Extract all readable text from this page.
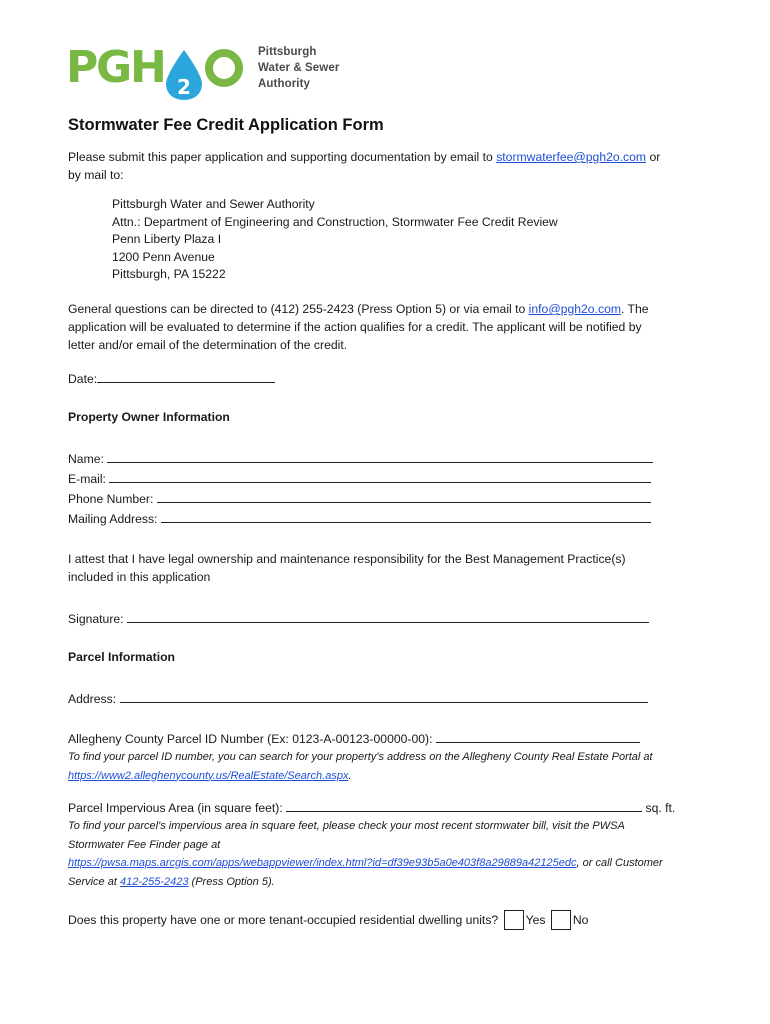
P
G
H 2
Pittsburgh
Water & Sewer
Authority
Stormwater Fee Credit Application Form
Please submit this paper application and supporting documentation by email to stormwaterfee@pgh2o.com or
by mail to:
Pittsburgh Water and Sewer Authority
Attn.: Department of Engineering and Construction, Stormwater Fee Credit Review
Penn Liberty Plaza I
1200 Penn Avenue
Pittsburgh, PA 15222
General questions can be directed to (412) 255-2423 (Press Option 5) or via email to info@pgh2o.com. The
application will be evaluated to determine if the action qualifies for a credit. The applicant will be notified by
letter and/or email of the determination of the credit.
Date:
Property Owner Information
Name:
E-mail:
Phone Number:
Mailing Address:
I attest that I have legal ownership and maintenance responsibility for the Best Management Practice(s)
included in this application
Signature:
Parcel Information
Address:
Allegheny County Parcel ID Number (Ex: 0123-A-00123-00000-00):
To find your parcel ID number, you can search for your property's address on the Allegheny County Real Estate Portal at
https://www2.alleghenycounty.us/RealEstate/Search.aspx.
Parcel Impervious Area (in square feet):	sq. ft.
To find your parcel's impervious area in square feet, please check your most recent stormwater bill, visit the PWSA
Stormwater Fee Finder page at
https://pwsa.maps.arcgis.com/apps/webappviewer/index.html?id=df39e93b5a0e403f8a29889a42125edc, or call Customer
Service at 412-255-2423 (Press Option 5).
Does this property have one or more tenant-occupied residential dwelling units? Yes No
